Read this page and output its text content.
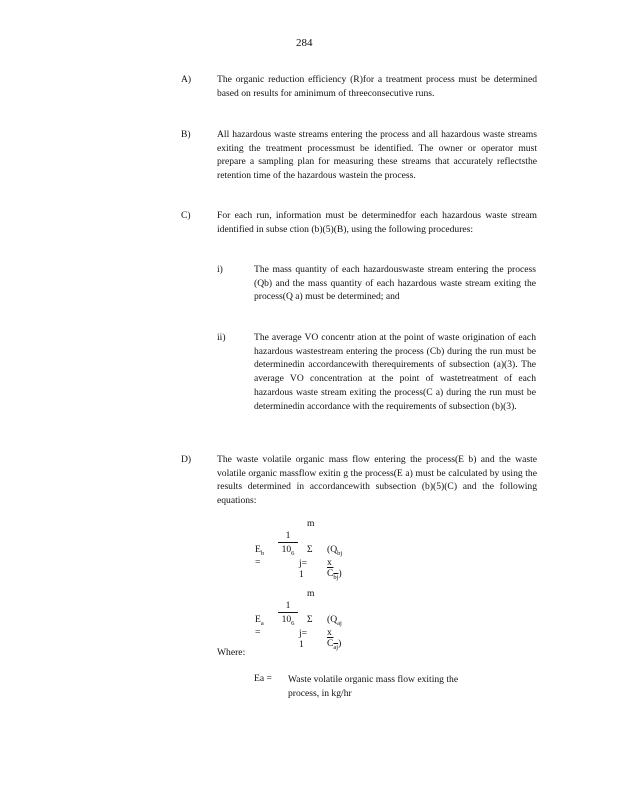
284
A)	The organic reduction efficiency (R)for a treatment process must be determined based on results for aminimum of threeconsecutive runs.

B)	All hazardous waste streams entering the process and all hazardous waste streams exiting the treatment processmust be identified. The owner or operator must prepare a sampling plan for measuring these streams that accurately reflectsthe retention time of the hazardous wastein the process.

C)	For each run, information must be determinedfor each hazardous waste stream identified in subse ction (b)(5)(B), using the following procedures:

i)	The mass quantity of each hazardouswaste stream entering the process (Qb) and the mass quantity of each hazardous waste stream exiting the process(Q a) must be determined; and
ii)	The average VO concentr ation at the point of waste origination of each hazardous wastestream entering the process (Cb) during the run must be determinedin accordancewith therequirements of subsection (a)(3). The average VO concentration at the point of wastetreatment of each hazardous waste stream exiting the process(C a) during the run must be determinedin accordance with the requirements of subsection (b)(3).
D)	The waste volatile organic mass flow entering the process(E b) and the waste volatile organic massflow exitin g the process(E a) must be calculated by using the results determined in accordancewith subsection (b)(5)(C) and the following equations:

$E_b$ =
$\frac{1}{10^6}$
m
Σ
j= 1
($Q_{bj}$ x $\overline{C}_{\overline{bj}}$)
$E_a$ =
$\frac{1}{10^6}$
m
Σ
j= 1
($Q_{aj}$ x $\overline{C}_{\overline{aj}}$)
Where:
Ea = Waste volatile organic mass flow exiting the process, in kg/hr
